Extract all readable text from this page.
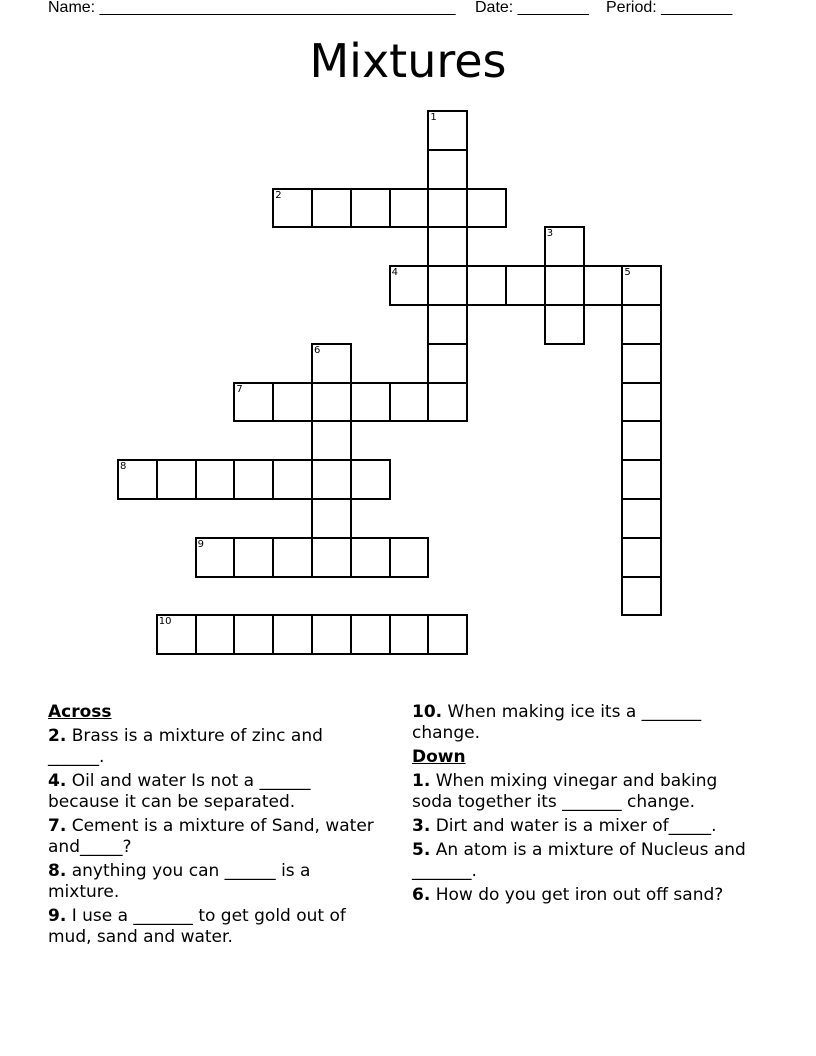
Name: ________________________________________ Date: ________ Period: ________
Mixtures
1
2
3
4	5
6
7
8
9
10
Across
2. Brass is a mixture of zinc and ______.
4. Oil and water Is not a ______ because it can be separated.
7. Cement is a mixture of Sand, water and_____?
8. anything you can ______ is a mixture.
9. I use a _______ to get gold out of mud, sand and water.
10. When making ice its a _______ change.
Down
1. When mixing vinegar and baking soda together its _______ change.
3. Dirt and water is a mixer of_____.
5. An atom is a mixture of Nucleus and _______.
6. How do you get iron out off sand?
